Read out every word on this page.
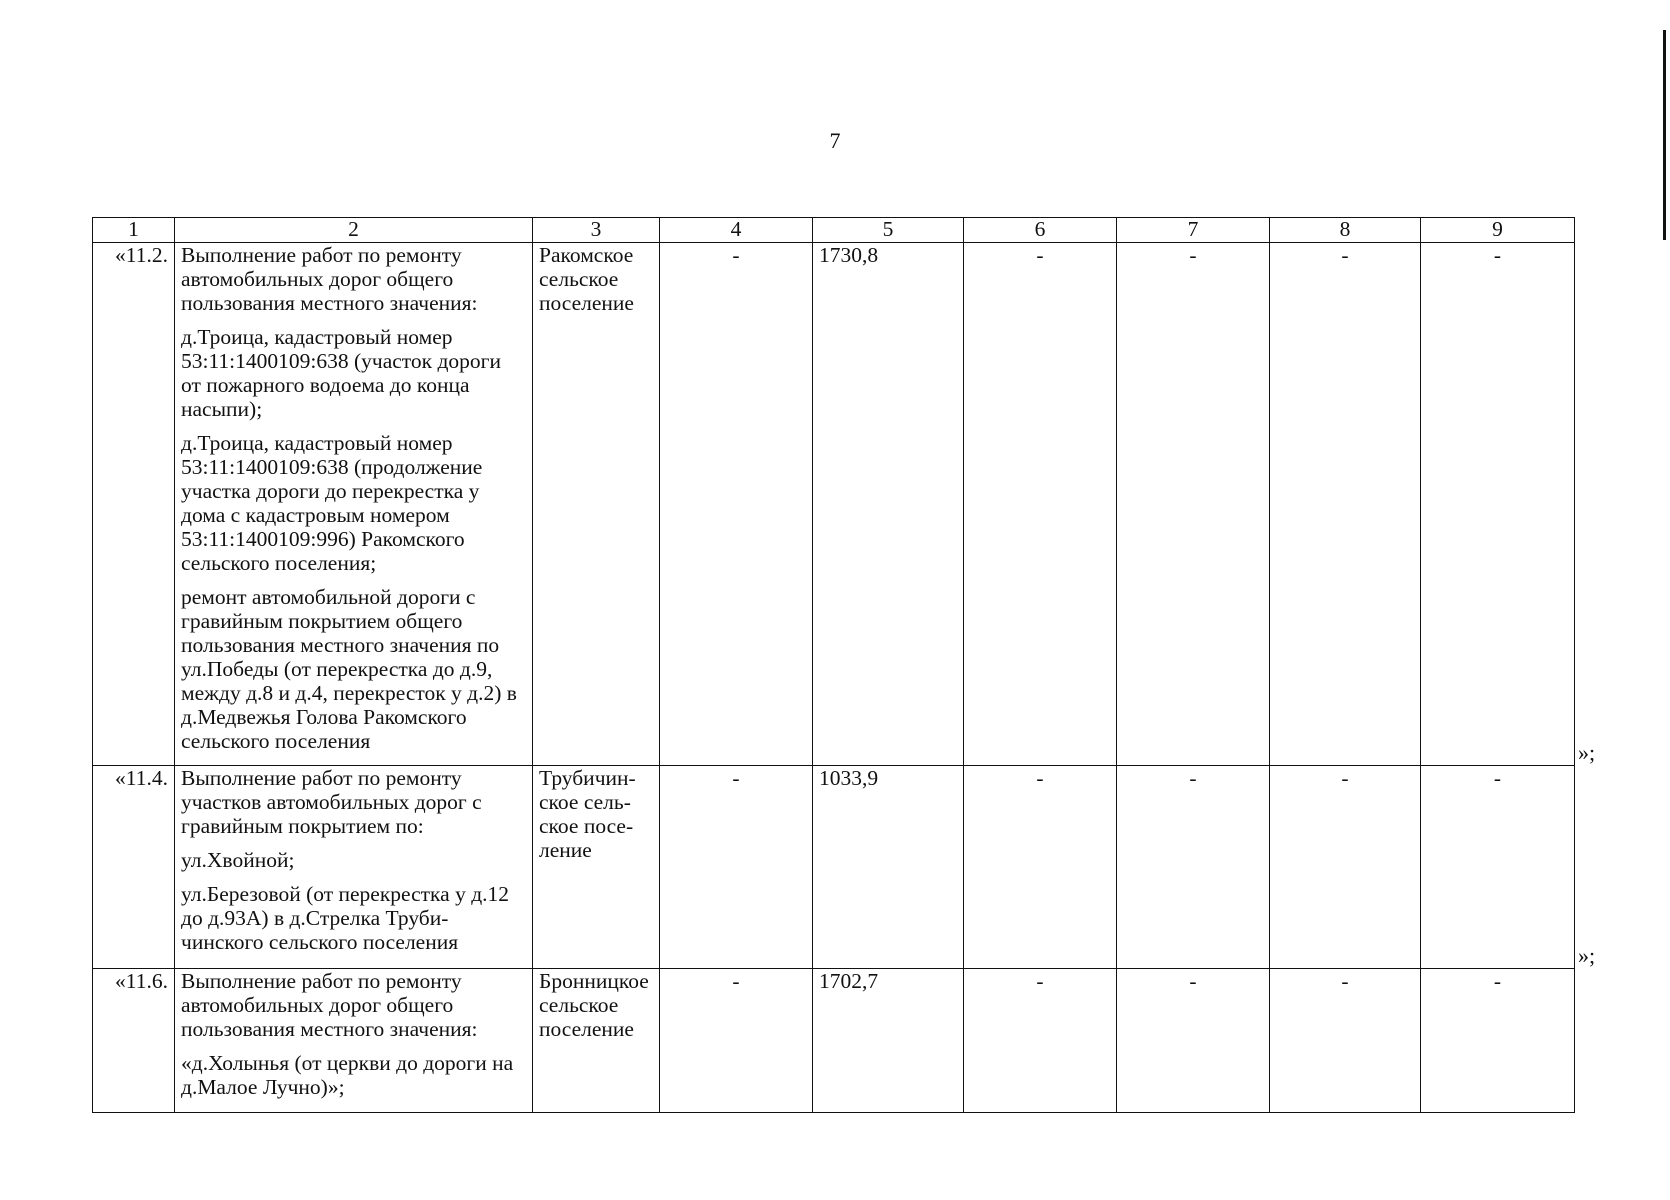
7
1	2	3	4	5	6	7	8	9
«11.2.	Выполнение работ по ремонту автомобильных дорог общего пользования местного значения:

д.Троица, кадастровый номер 53:11:1400109:638 (участок дороги от пожарного водоема до конца насыпи);

д.Троица, кадастровый номер 53:11:1400109:638 (продолжение участка дороги до перекрестка у дома с кадастровым номером 53:11:1400109:996) Ракомского сельского поселения;

ремонт автомобильной дороги с гравийным покрытием общего пользования местного значения по ул.Победы (от перекрестка до д.9, между д.8 и д.4, перекресток у д.2) в д.Медвежья Голова Ракомского сельского поселения	Ракомское сельское поселение	-	1730,8	-	-	-	-
«11.4.	Выполнение работ по ремонту участков автомобильных дорог с гравийным покрытием по:

ул.Хвойной;

ул.Березовой (от перекрестка у д.12 до д.93А) в д.Стрелка Труби-чинского сельского поселения	Трубичин-ское сель-ское посе-ление	-	1033,9	-	-	-	-
«11.6.	Выполнение работ по ремонту автомобильных дорог общего пользования местного значения:

«д.Холынья (от церкви до дороги на д.Малое Лучно)»;	Бронницкое сельское поселение	-	1702,7	-	-	-	-
»;
»;
